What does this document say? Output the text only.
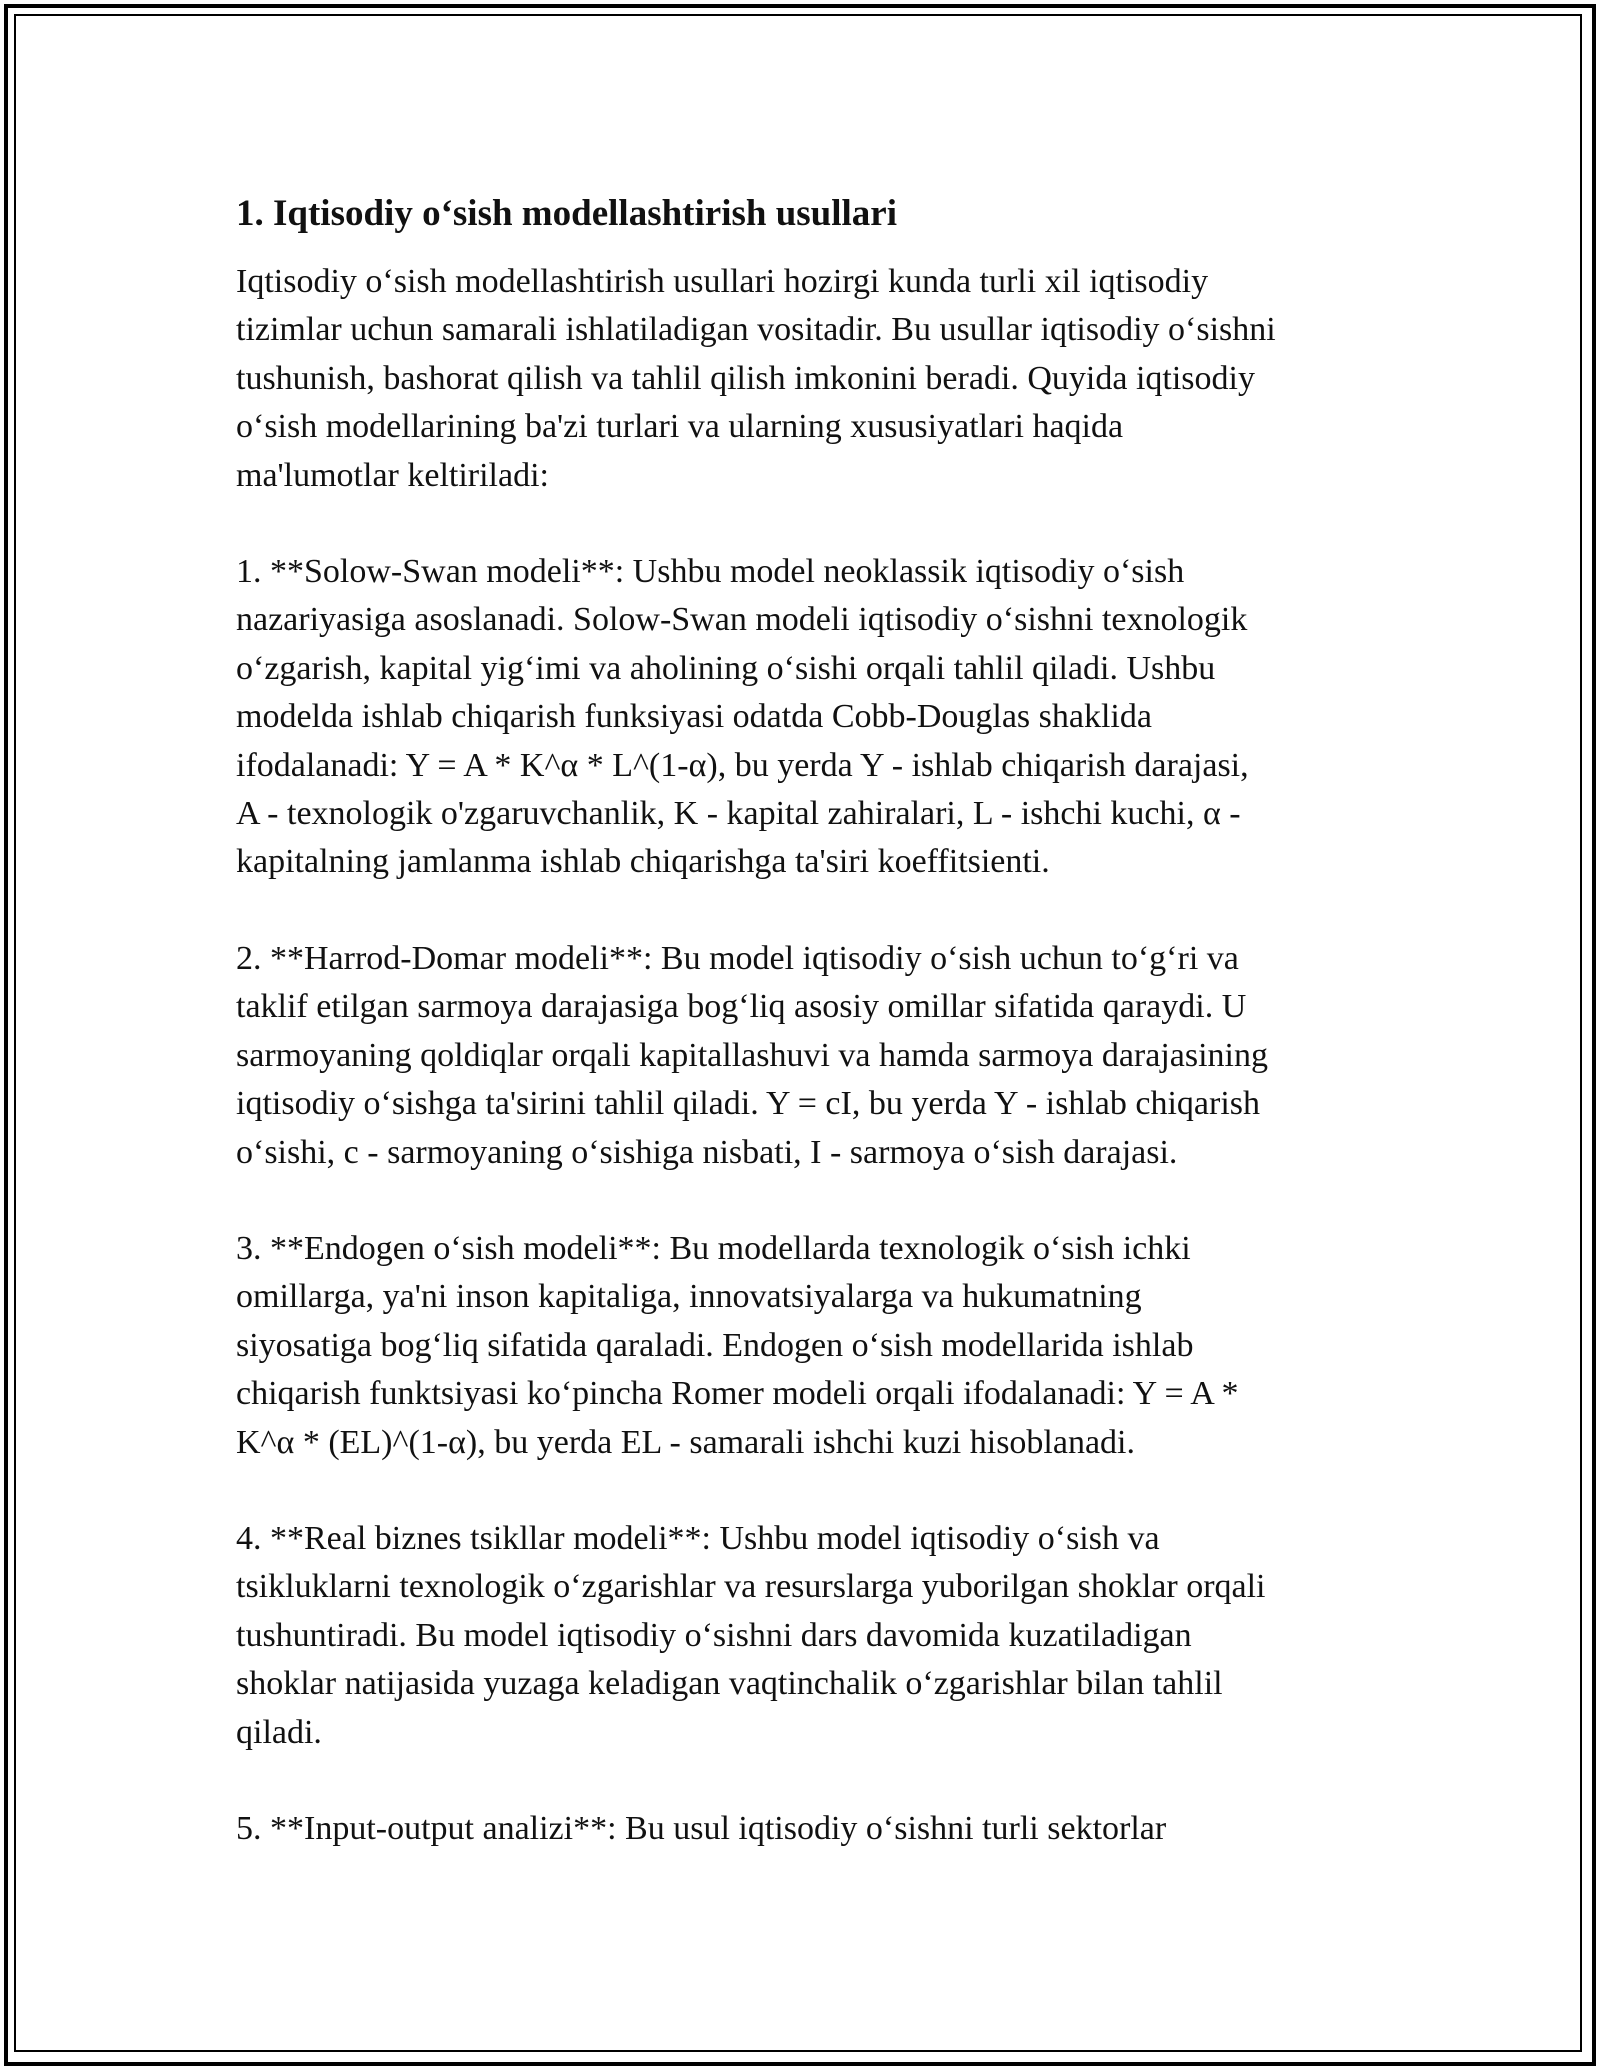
1. Iqtisodiy o‘sish modellashtirish usullari

Iqtisodiy o‘sish modellashtirish usullari hozirgi kunda turli xil iqtisodiy
tizimlar uchun samarali ishlatiladigan vositadir. Bu usullar iqtisodiy o‘sishni
tushunish, bashorat qilish va tahlil qilish imkonini beradi. Quyida iqtisodiy
o‘sish modellarining ba'zi turlari va ularning xususiyatlari haqida
ma'lumotlar keltiriladi:

1. **Solow-Swan modeli**: Ushbu model neoklassik iqtisodiy o‘sish
nazariyasiga asoslanadi. Solow-Swan modeli iqtisodiy o‘sishni texnologik
o‘zgarish, kapital yig‘imi va aholining o‘sishi orqali tahlil qiladi. Ushbu
modelda ishlab chiqarish funksiyasi odatda Cobb-Douglas shaklida
ifodalanadi: Y = A * K^α * L^(1-α), bu yerda Y - ishlab chiqarish darajasi,
A - texnologik o'zgaruvchanlik, K - kapital zahiralari, L - ishchi kuchi, α -
kapitalning jamlanma ishlab chiqarishga ta'siri koeffitsienti.

2. **Harrod-Domar modeli**: Bu model iqtisodiy o‘sish uchun to‘g‘ri va
taklif etilgan sarmoya darajasiga bog‘liq asosiy omillar sifatida qaraydi. U
sarmoyaning qoldiqlar orqali kapitallashuvi va hamda sarmoya darajasining
iqtisodiy o‘sishga ta'sirini tahlil qiladi. Y = cI, bu yerda Y - ishlab chiqarish
o‘sishi, c - sarmoyaning o‘sishiga nisbati, I - sarmoya o‘sish darajasi.

3. **Endogen o‘sish modeli**: Bu modellarda texnologik o‘sish ichki
omillarga, ya'ni inson kapitaliga, innovatsiyalarga va hukumatning
siyosatiga bog‘liq sifatida qaraladi. Endogen o‘sish modellarida ishlab
chiqarish funktsiyasi ko‘pincha Romer modeli orqali ifodalanadi: Y = A *
K^α * (EL)^(1-α), bu yerda EL - samarali ishchi kuzi hisoblanadi.

4. **Real biznes tsikllar modeli**: Ushbu model iqtisodiy o‘sish va
tsikluklarni texnologik o‘zgarishlar va resurslarga yuborilgan shoklar orqali
tushuntiradi. Bu model iqtisodiy o‘sishni dars davomida kuzatiladigan
shoklar natijasida yuzaga keladigan vaqtinchalik o‘zgarishlar bilan tahlil
qiladi.

5. **Input-output analizi**: Bu usul iqtisodiy o‘sishni turli sektorlar
